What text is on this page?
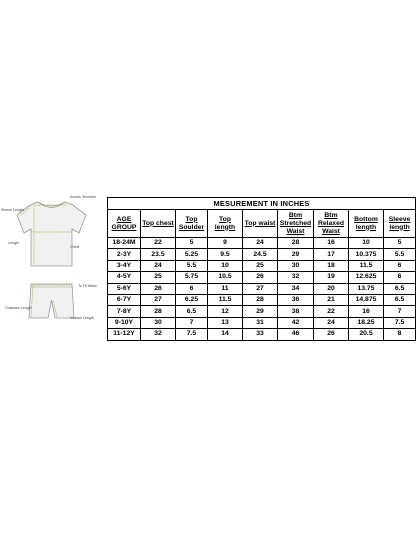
Sleeve Length
Across Shoulder
Length
Chest
To Fit Waist
Outseam Length
Inseam Length
MESUREMENT IN INCHES								
AGE GROUP	Top chest	Top Soulder	Top length	Top waist	Btm Stretched Waist	Btm Relaxed Waist	Bottom length	Sleeve length
18-24M	22	5	9	24	28	16	10	5
2-3Y	23.5	5.25	9.5	24.5	29	17	10.375	5.5
3-4Y	24	5.5	10	25	30	18	11.5	6
4-5Y	25	5.75	10.5	26	32	19	12.625	6
5-6Y	26	6	11	27	34	20	13.75	6.5
6-7Y	27	6.25	11.5	28	36	21	14.875	6.5
7-8Y	28	6.5	12	29	38	22	16	7
9-10Y	30	7	13	31	42	24	18.25	7.5
11-12Y	32	7.5	14	33	46	26	20.5	8
